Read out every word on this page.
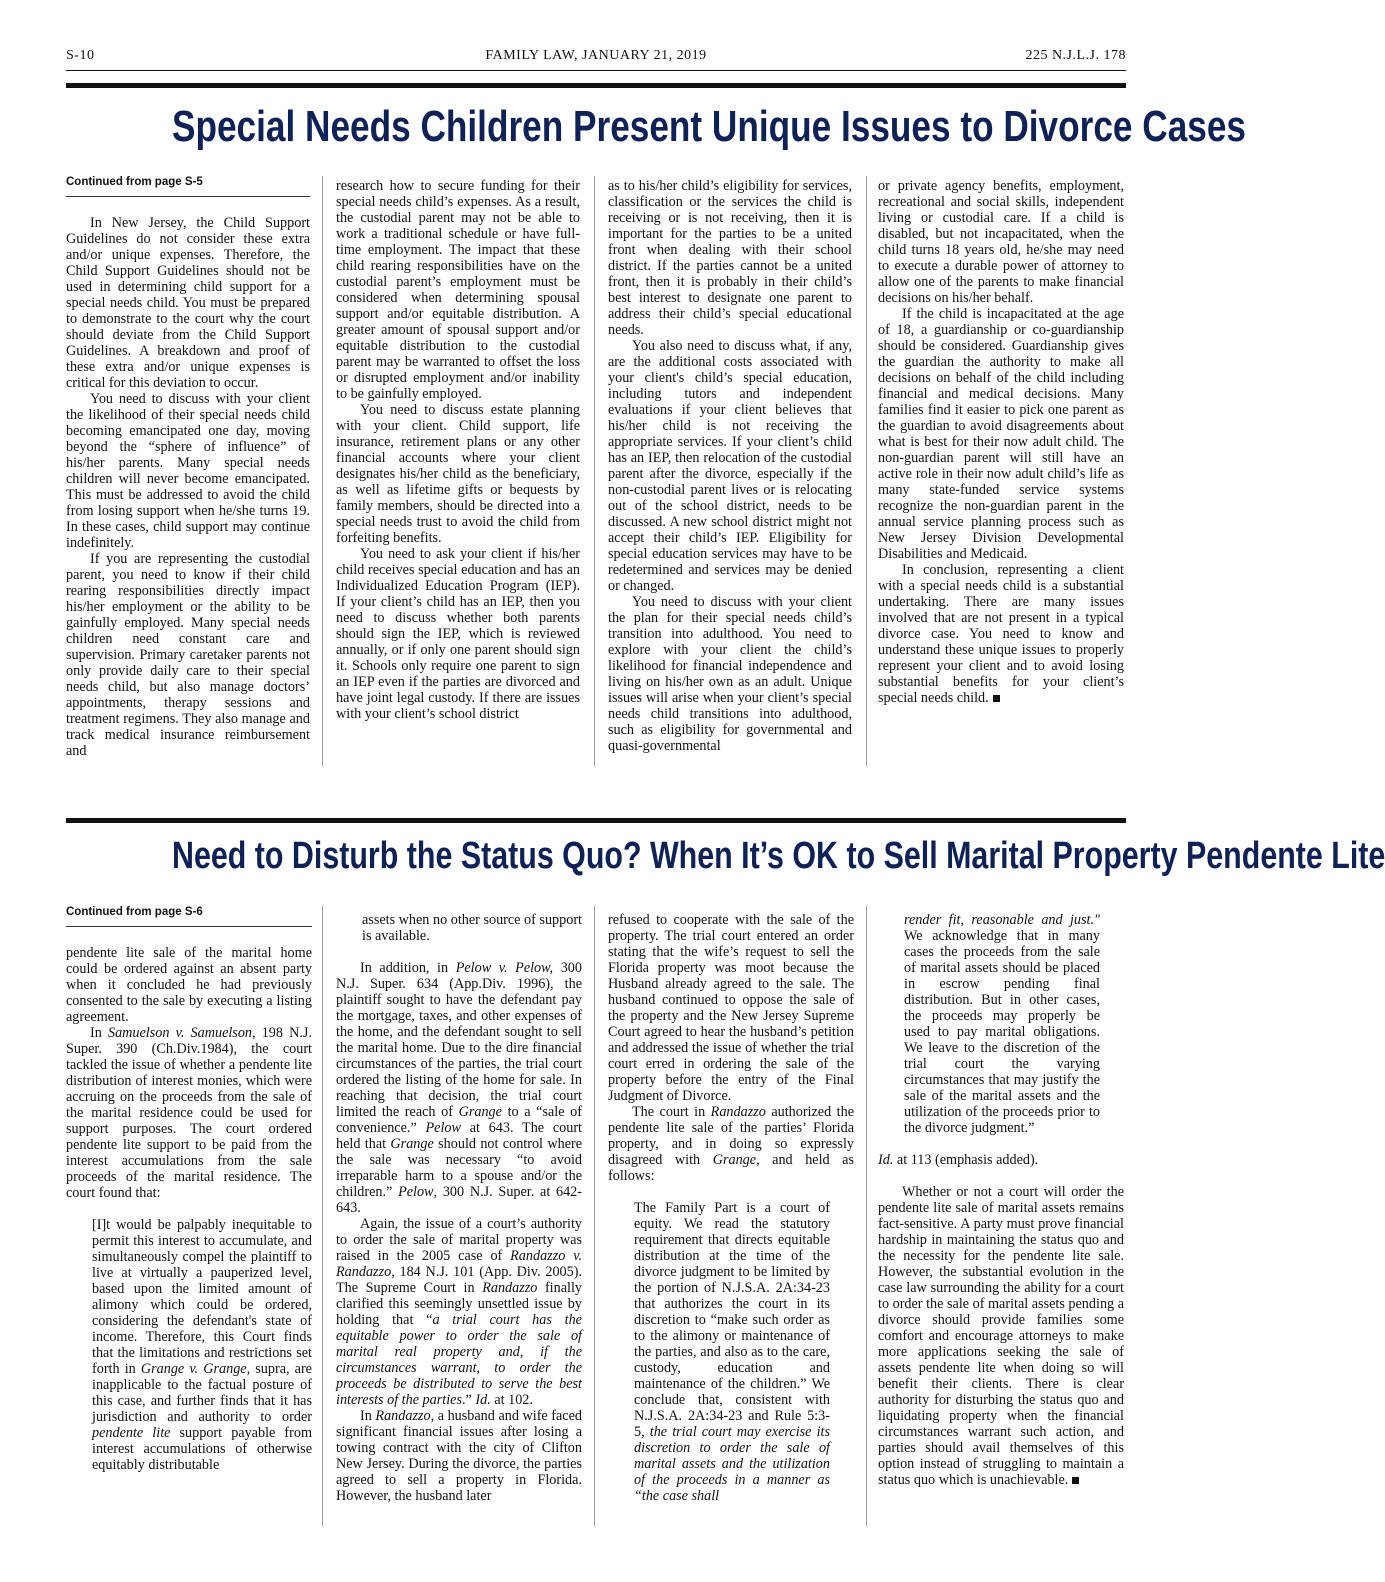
S-10	FAMILY LAW, JANUARY 21, 2019	225 N.J.L.J. 178
Special Needs Children Present Unique Issues to Divorce Cases
Continued from page S-5

In New Jersey, the Child Support Guidelines do not consider these extra and/or unique expenses. Therefore, the Child Support Guidelines should not be used in determining child support for a special needs child. You must be prepared to demonstrate to the court why the court should deviate from the Child Support Guidelines. A breakdown and proof of these extra and/or unique expenses is critical for this deviation to occur.

You need to discuss with your client the likelihood of their special needs child becoming emancipated one day, moving beyond the “sphere of influence” of his/her parents. Many special needs children will never become emancipated. This must be addressed to avoid the child from losing support when he/she turns 19. In these cases, child support may continue indefinitely.

If you are representing the custodial parent, you need to know if their child rearing responsibilities directly impact his/her employment or the ability to be gainfully employed. Many special needs children need constant care and supervision. Primary caretaker parents not only provide daily care to their special needs child, but also manage doctors’ appointments, therapy sessions and treatment regimens. They also manage and track medical insurance reimbursement and

research how to secure funding for their special needs child’s expenses. As a result, the custodial parent may not be able to work a traditional schedule or have full-time employment. The impact that these child rearing responsibilities have on the custodial parent’s employment must be considered when determining spousal support and/or equitable distribution. A greater amount of spousal support and/or equitable distribution to the custodial parent may be warranted to offset the loss or disrupted employment and/or inability to be gainfully employed.

You need to discuss estate planning with your client. Child support, life insurance, retirement plans or any other financial accounts where your client designates his/her child as the beneficiary, as well as lifetime gifts or bequests by family members, should be directed into a special needs trust to avoid the child from forfeiting benefits.

You need to ask your client if his/her child receives special education and has an Individualized Education Program (IEP). If your client’s child has an IEP, then you need to discuss whether both parents should sign the IEP, which is reviewed annually, or if only one parent should sign it. Schools only require one parent to sign an IEP even if the parties are divorced and have joint legal custody. If there are issues with your client’s school district

as to his/her child’s eligibility for services, classification or the services the child is receiving or is not receiving, then it is important for the parties to be a united front when dealing with their school district. If the parties cannot be a united front, then it is probably in their child’s best interest to designate one parent to address their child’s special educational needs.

You also need to discuss what, if any, are the additional costs associated with your client's child’s special education, including tutors and independent evaluations if your client believes that his/her child is not receiving the appropriate services. If your client’s child has an IEP, then relocation of the custodial parent after the divorce, especially if the non-custodial parent lives or is relocating out of the school district, needs to be discussed. A new school district might not accept their child’s IEP. Eligibility for special education services may have to be redetermined and services may be denied or changed.

You need to discuss with your client the plan for their special needs child’s transition into adulthood. You need to explore with your client the child’s likelihood for financial independence and living on his/her own as an adult. Unique issues will arise when your client’s special needs child transitions into adulthood, such as eligibility for governmental and quasi-governmental

or private agency benefits, employment, recreational and social skills, independent living or custodial care. If a child is disabled, but not incapacitated, when the child turns 18 years old, he/she may need to execute a durable power of attorney to allow one of the parents to make financial decisions on his/her behalf.

If the child is incapacitated at the age of 18, a guardianship or co-guardianship should be considered. Guardianship gives the guardian the authority to make all decisions on behalf of the child including financial and medical decisions. Many families find it easier to pick one parent as the guardian to avoid disagreements about what is best for their now adult child. The non-guardian parent will still have an active role in their now adult child’s life as many state-funded service systems recognize the non-guardian parent in the annual service planning process such as New Jersey Division Developmental Disabilities and Medicaid.

In conclusion, representing a client with a special needs child is a substantial undertaking. There are many issues involved that are not present in a typical divorce case. You need to know and understand these unique issues to properly represent your client and to avoid losing substantial benefits for your client’s special needs child.

Need to Disturb the Status Quo? When It’s OK to Sell Marital Property Pendente Lite
Continued from page S-6

pendente lite sale of the marital home could be ordered against an absent party when it concluded he had previously consented to the sale by executing a listing agreement.

In Samuelson v. Samuelson, 198 N.J. Super. 390 (Ch.Div.1984), the court tackled the issue of whether a pendente lite distribution of interest monies, which were accruing on the proceeds from the sale of the marital residence could be used for support purposes. The court ordered pendente lite support to be paid from the interest accumulations from the sale proceeds of the marital residence. The court found that:

[I]t would be palpably inequitable to permit this interest to accumulate, and simultaneously compel the plaintiff to live at virtually a pauperized level, based upon the limited amount of alimony which could be ordered, considering the defendant's state of income. Therefore, this Court finds that the limitations and restrictions set forth in Grange v. Grange, supra, are inapplicable to the factual posture of this case, and further finds that it has jurisdiction and authority to order pendente lite support payable from interest accumulations of otherwise equitably distributable

assets when no other source of support is available.

In addition, in Pelow v. Pelow, 300 N.J. Super. 634 (App.Div. 1996), the plaintiff sought to have the defendant pay the mortgage, taxes, and other expenses of the home, and the defendant sought to sell the marital home. Due to the dire financial circumstances of the parties, the trial court ordered the listing of the home for sale. In reaching that decision, the trial court limited the reach of Grange to a “sale of convenience.” Pelow at 643. The court held that Grange should not control where the sale was necessary “to avoid irreparable harm to a spouse and/or the children.” Pelow, 300 N.J. Super. at 642-643.

Again, the issue of a court’s authority to order the sale of marital property was raised in the 2005 case of Randazzo v. Randazzo, 184 N.J. 101 (App. Div. 2005). The Supreme Court in Randazzo finally clarified this seemingly unsettled issue by holding that “a trial court has the equitable power to order the sale of marital real property and, if the circumstances warrant, to order the proceeds be distributed to serve the best interests of the parties.” Id. at 102.

In Randazzo, a husband and wife faced significant financial issues after losing a towing contract with the city of Clifton New Jersey. During the divorce, the parties agreed to sell a property in Florida. However, the husband later

refused to cooperate with the sale of the property. The trial court entered an order stating that the wife’s request to sell the Florida property was moot because the Husband already agreed to the sale. The husband continued to oppose the sale of the property and the New Jersey Supreme Court agreed to hear the husband’s petition and addressed the issue of whether the trial court erred in ordering the sale of the property before the entry of the Final Judgment of Divorce.

The court in Randazzo authorized the pendente lite sale of the parties’ Florida property, and in doing so expressly disagreed with Grange, and held as follows:

The Family Part is a court of equity. We read the statutory requirement that directs equitable distribution at the time of the divorce judgment to be limited by the portion of N.J.S.A. 2A:34-23 that authorizes the court in its discretion to “make such order as to the alimony or maintenance of the parties, and also as to the care, custody, education and maintenance of the children.” We conclude that, consistent with N.J.S.A. 2A:34-23 and Rule 5:3-5, the trial court may exercise its discretion to order the sale of marital assets and the utilization of the proceeds in a manner as “the case shall

render fit, reasonable and just." We acknowledge that in many cases the proceeds from the sale of marital assets should be placed in escrow pending final distribution. But in other cases, the proceeds may properly be used to pay marital obligations. We leave to the discretion of the trial court the varying circumstances that may justify the sale of the marital assets and the utilization of the proceeds prior to the divorce judgment.”

Id. at 113 (emphasis added).

Whether or not a court will order the pendente lite sale of marital assets remains fact-sensitive. A party must prove financial hardship in maintaining the status quo and the necessity for the pendente lite sale. However, the substantial evolution in the case law surrounding the ability for a court to order the sale of marital assets pending a divorce should provide families some comfort and encourage attorneys to make more applications seeking the sale of assets pendente lite when doing so will benefit their clients. There is clear authority for disturbing the status quo and liquidating property when the financial circumstances warrant such action, and parties should avail themselves of this option instead of struggling to maintain a status quo which is unachievable.
